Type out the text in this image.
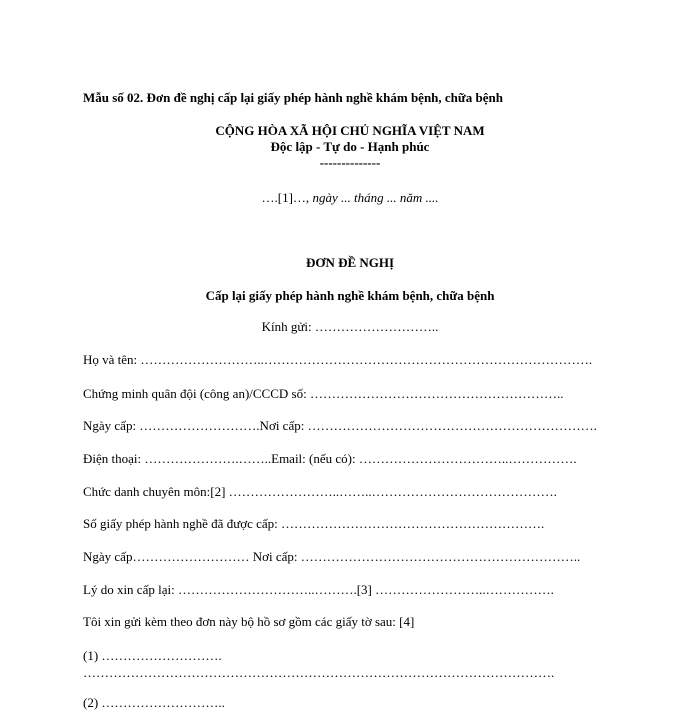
Mẫu số 02. Đơn đề nghị cấp lại giấy phép hành nghề khám bệnh, chữa bệnh
CỘNG HÒA XÃ HỘI CHỦ NGHĨA VIỆT NAM
Độc lập - Tự do - Hạnh phúc
--------------
….[1]…, ngày ... tháng ... năm ....
ĐƠN ĐỀ NGHỊ
Cấp lại giấy phép hành nghề khám bệnh, chữa bệnh
Kính gửi: ………………………..
Họ và tên: ………………………..………………………………………………………………….
Chứng minh quân đội (công an)/CCCD số: …………………………………………………..
Ngày cấp: ……………………….Nơi cấp: ………………………………………………………….
Điện thoại: ………………….……..Email: (nếu có): ……………………………..…………….
Chức danh chuyên môn:[2] ……………………..……..…………………………………….
Số giấy phép hành nghề đã được cấp: …………………………………………………….
Ngày cấp……………………… Nơi cấp: ………………………………………………………..
Lý do xin cấp lại: …………………………..……….[3] ……………………..…………….
Tôi xin gửi kèm theo đơn này bộ hồ sơ gồm các giấy tờ sau: [4]
(1) ……………………….
……………………………………………………………………………………………….
(2) ………………………..
